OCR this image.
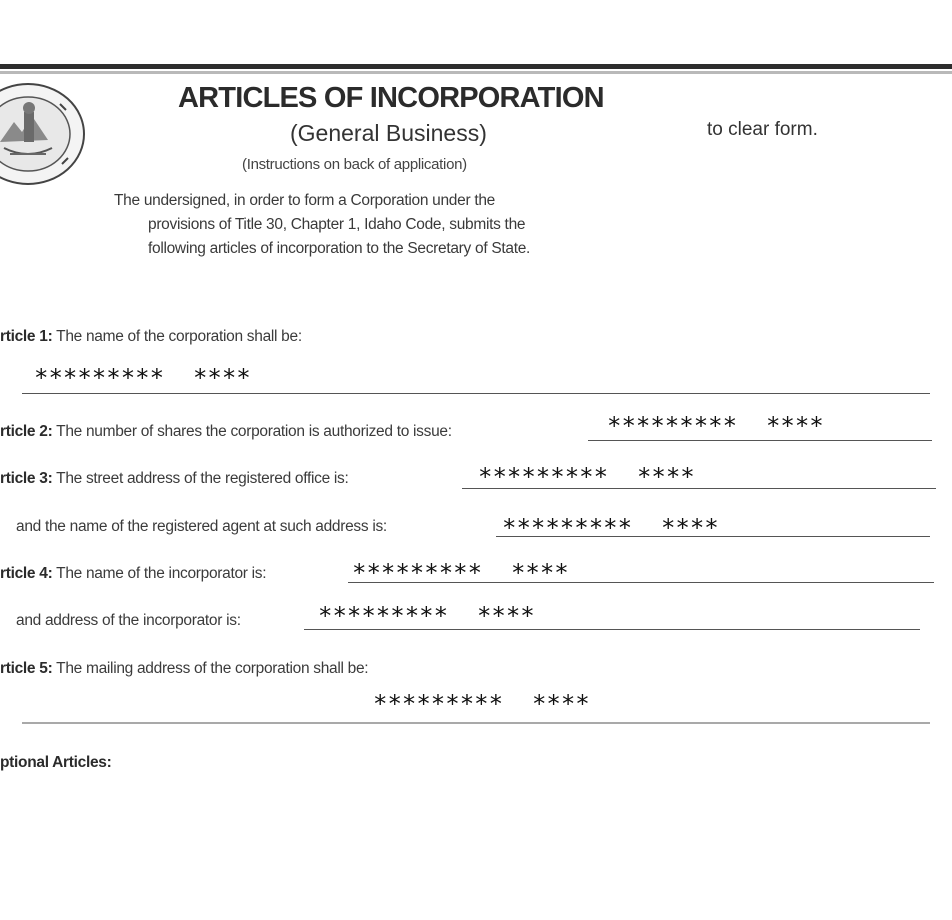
ARTICLES OF INCORPORATION
(General Business)
(Instructions on back of application)
to clear form.
The undersigned, in order to form a Corporation under the
provisions of Title 30, Chapter 1, Idaho Code, submits the
following articles of incorporation to the Secretary of State.
rticle 1: The name of the corporation shall be:
*********  ****
rticle 2: The number of shares the corporation is authorized to issue:	*********  ****
rticle 3: The street address of the registered office is:	*********  ****
and the name of the registered agent at such address is:	*********  ****
rticle 4: The name of the incorporator is:	*********  ****
and address of the incorporator is:	*********  ****
rticle 5: The mailing address of the corporation shall be:
*********  ****
ptional Articles:
